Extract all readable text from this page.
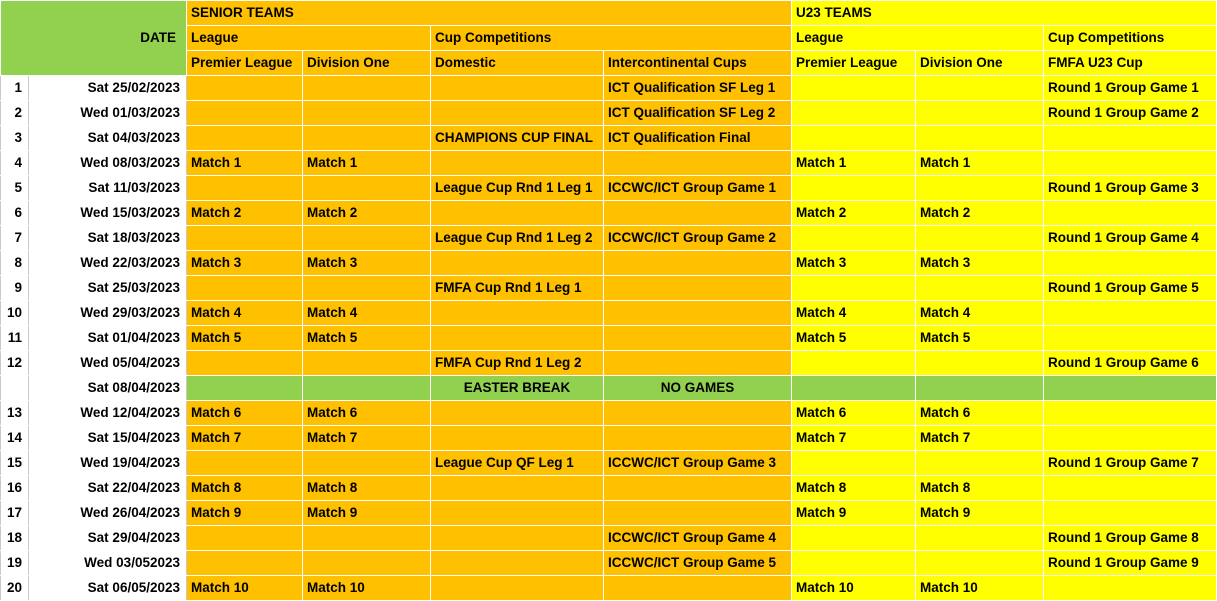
DATE		SENIOR TEAMS				U23 TEAMS		
		League		Cup Competitions		League		Cup Competitions
		Premier League	Division One	Domestic	Intercontinental Cups	Premier League	Division One	FMFA U23 Cup
1	Sat 25/02/2023				ICT Qualification SF Leg 1			Round 1 Group Game 1
2	Wed 01/03/2023				ICT Qualification SF Leg 2			Round 1 Group Game 2
3	Sat 04/03/2023			CHAMPIONS CUP FINAL	ICT Qualification Final			
4	Wed 08/03/2023	Match 1	Match 1			Match 1	Match 1	
5	Sat 11/03/2023			League Cup Rnd 1 Leg 1	ICCWC/ICT Group Game 1			Round 1 Group Game 3
6	Wed 15/03/2023	Match 2	Match 2			Match 2	Match 2	
7	Sat 18/03/2023			League Cup Rnd 1 Leg 2	ICCWC/ICT Group Game 2			Round 1 Group Game 4
8	Wed 22/03/2023	Match 3	Match 3			Match 3	Match 3	
9	Sat 25/03/2023			FMFA Cup Rnd 1 Leg 1				Round 1 Group Game 5
10	Wed 29/03/2023	Match 4	Match 4			Match 4	Match 4	
11	Sat 01/04/2023	Match 5	Match 5			Match 5	Match 5	
12	Wed 05/04/2023			FMFA Cup Rnd 1 Leg 2				Round 1 Group Game 6
	Sat 08/04/2023			EASTER BREAK	NO GAMES			
13	Wed 12/04/2023	Match 6	Match 6			Match 6	Match 6	
14	Sat 15/04/2023	Match 7	Match 7			Match 7	Match 7	
15	Wed 19/04/2023			League Cup QF Leg 1	ICCWC/ICT Group Game 3			Round 1 Group Game 7
16	Sat 22/04/2023	Match 8	Match 8			Match 8	Match 8	
17	Wed 26/04/2023	Match 9	Match 9			Match 9	Match 9	
18	Sat 29/04/2023				ICCWC/ICT Group Game 4			Round 1 Group Game 8
19	Wed 03/052023				ICCWC/ICT Group Game 5			Round 1 Group Game 9
20	Sat 06/05/2023	Match 10	Match 10			Match 10	Match 10	
